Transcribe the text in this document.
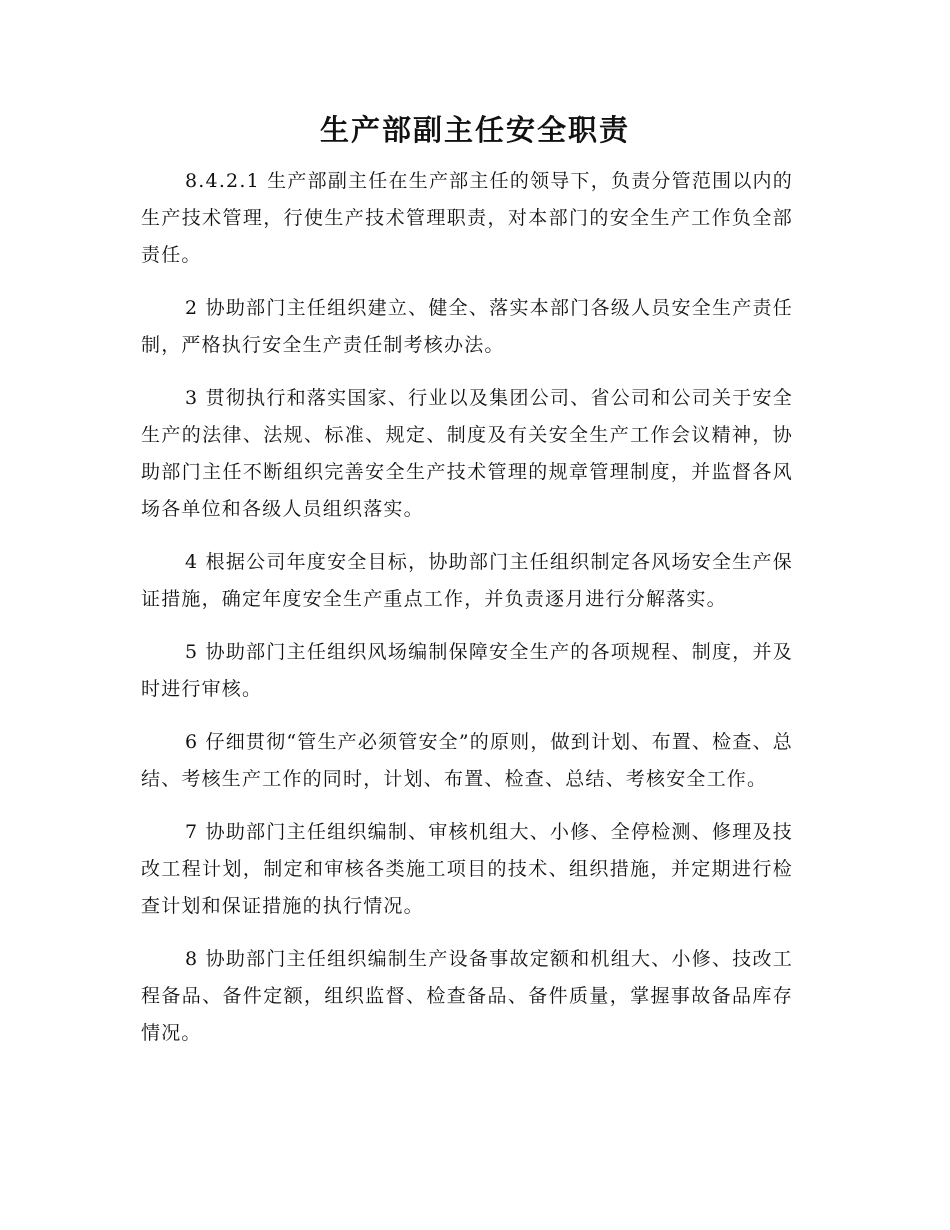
生产部副主任安全职责

8.4.2.1 生产部副主任在生产部主任的领导下，负责分管范围以内的生产技术管理，行使生产技术管理职责，对本部门的安全生产工作负全部责任。

2 协助部门主任组织建立、健全、落实本部门各级人员安全生产责任制，严格执行安全生产责任制考核办法。

3 贯彻执行和落实国家、行业以及集团公司、省公司和公司关于安全生产的法律、法规、标准、规定、制度及有关安全生产工作会议精神，协助部门主任不断组织完善安全生产技术管理的规章管理制度，并监督各风场各单位和各级人员组织落实。

4 根据公司年度安全目标，协助部门主任组织制定各风场安全生产保证措施，确定年度安全生产重点工作，并负责逐月进行分解落实。

5 协助部门主任组织风场编制保障安全生产的各项规程、制度，并及时进行审核。

6 仔细贯彻“管生产必须管安全”的原则，做到计划、布置、检查、总结、考核生产工作的同时，计划、布置、检查、总结、考核安全工作。

7 协助部门主任组织编制、审核机组大、小修、全停检测、修理及技改工程计划，制定和审核各类施工项目的技术、组织措施，并定期进行检查计划和保证措施的执行情况。

8 协助部门主任组织编制生产设备事故定额和机组大、小修、技改工程备品、备件定额，组织监督、检查备品、备件质量，掌握事故备品库存情况。
